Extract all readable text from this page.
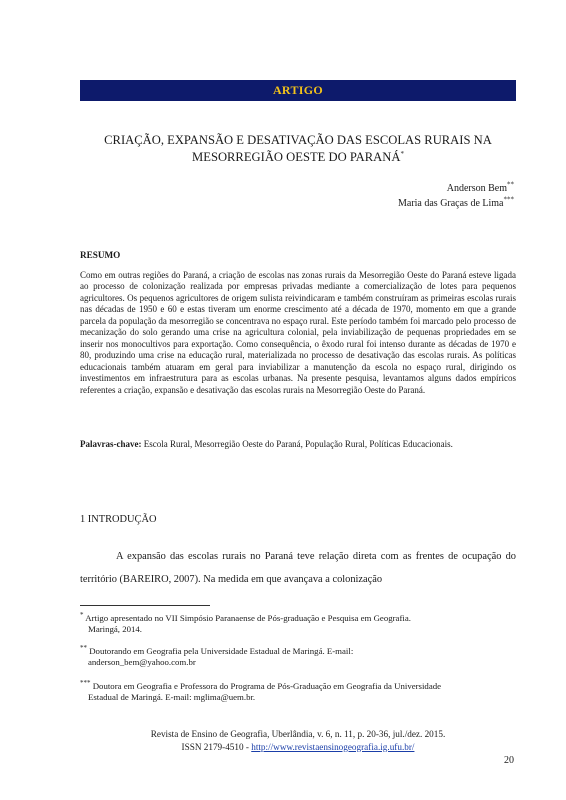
ARTIGO
CRIAÇÃO, EXPANSÃO E DESATIVAÇÃO DAS ESCOLAS RURAIS NA
MESORREGIÃO OESTE DO PARANÁ*
Anderson Bem**
Maria das Graças de Lima***
RESUMO
Como em outras regiões do Paraná, a criação de escolas nas zonas rurais da Mesorregião Oeste do Paraná esteve ligada ao processo de colonização realizada por empresas privadas mediante a comercialização de lotes para pequenos agricultores. Os pequenos agricultores de origem sulista reivindicaram e também construíram as primeiras escolas rurais nas décadas de 1950 e 60 e estas tiveram um enorme crescimento até a década de 1970, momento em que a grande parcela da população da mesorregião se concentrava no espaço rural. Este período também foi marcado pelo processo de mecanização do solo gerando uma crise na agricultura colonial, pela inviabilização de pequenas propriedades em se inserir nos monocultivos para exportação. Como consequência, o êxodo rural foi intenso durante as décadas de 1970 e 80, produzindo uma crise na educação rural, materializada no processo de desativação das escolas rurais. As políticas educacionais também atuaram em geral para inviabilizar a manutenção da escola no espaço rural, dirigindo os investimentos em infraestrutura para as escolas urbanas. Na presente pesquisa, levantamos alguns dados empíricos referentes a criação, expansão e desativação das escolas rurais na Mesorregião Oeste do Paraná.
Palavras-chave: Escola Rural, Mesorregião Oeste do Paraná, População Rural, Políticas Educacionais.
1 INTRODUÇÃO
A expansão das escolas rurais no Paraná teve relação direta com as frentes de ocupação do território (BAREIRO, 2007). Na medida em que avançava a colonização
* Artigo apresentado no VII Simpósio Paranaense de Pós-graduação e Pesquisa em Geografia.
Maringá, 2014.
** Doutorando em Geografia pela Universidade Estadual de Maringá. E-mail:
anderson_bem@yahoo.com.br
*** Doutora em Geografia e Professora do Programa de Pós-Graduação em Geografia da Universidade
Estadual de Maringá. E-mail: mglima@uem.br.
Revista de Ensino de Geografia, Uberlândia, v. 6, n. 11, p. 20-36, jul./dez. 2015.
ISSN 2179-4510 - http://www.revistaensinogeografia.ig.ufu.br/
20
